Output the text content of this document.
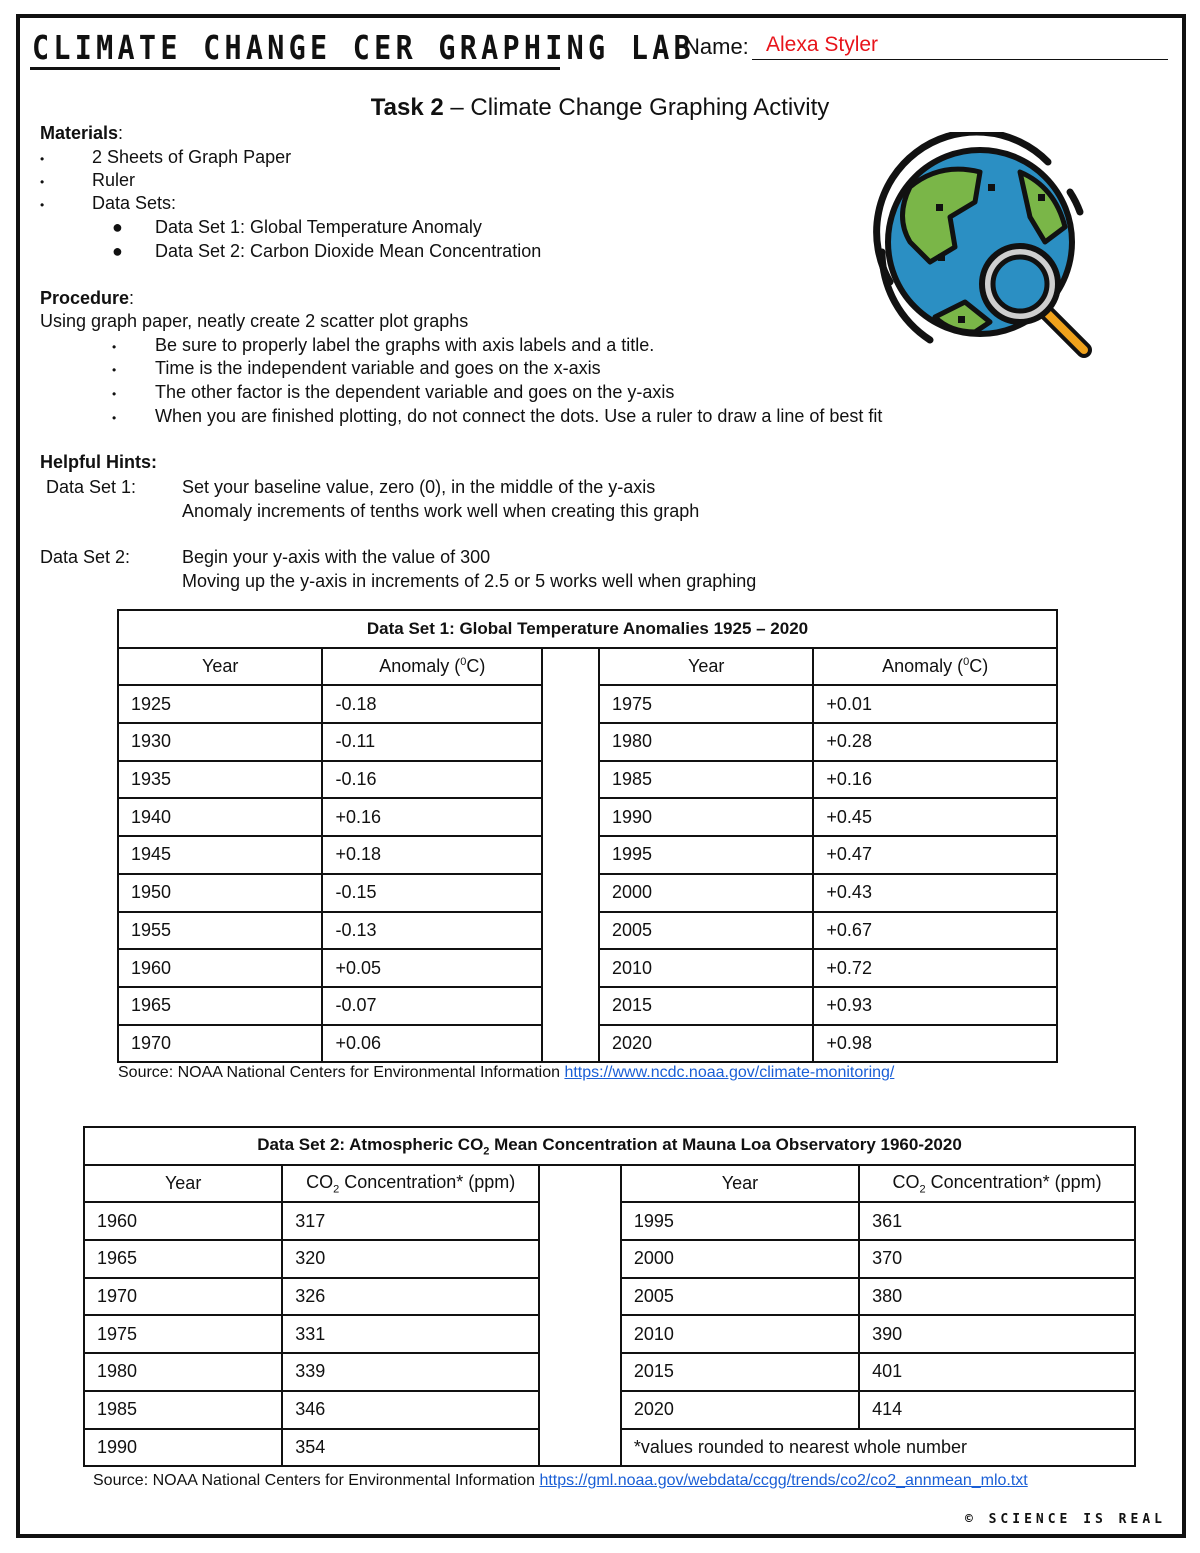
CLIMATE CHANGE CER GRAPHING LAB
Name: Alexa Styler
Task 2 – Climate Change Graphing Activity
Materials:
•	2 Sheets of Graph Paper
•	Ruler
•	Data Sets:
● Data Set 1: Global Temperature Anomaly
● Data Set 2: Carbon Dioxide Mean Concentration
Procedure:
Using graph paper, neatly create 2 scatter plot graphs
• Be sure to properly label the graphs with axis labels and a title.
• Time is the independent variable and goes on the x-axis
• The other factor is the dependent variable and goes on the y-axis
• When you are finished plotting, do not connect the dots. Use a ruler to draw a line of best fit
Helpful Hints:
Data Set 1:	Set your baseline value, zero (0), in the middle of the y-axis
Anomaly increments of tenths work well when creating this graph
Data Set 2:	Begin your y-axis with the value of 300
Moving up the y-axis in increments of 2.5 or 5 works well when graphing
Data Set 1: Global Temperature Anomalies 1925 – 2020				
Year	Anomaly ($^0$C)		Year	Anomaly ($^0$C)
1925	-0.18		1975	+0.01
1930	-0.11		1980	+0.28
1935	-0.16		1985	+0.16
1940	+0.16		1990	+0.45
1945	+0.18		1995	+0.47
1950	-0.15		2000	+0.43
1955	-0.13		2005	+0.67
1960	+0.05		2010	+0.72
1965	-0.07		2015	+0.93
1970	+0.06		2020	+0.98
Source: NOAA National Centers for Environmental Information https://www.ncdc.noaa.gov/climate-monitoring/
Data Set 2: Atmospheric $CO_2$ Mean Concentration at Mauna Loa Observatory 1960-2020				
Year	$CO_2$ Concentration* (ppm)		Year	$CO_2$ Concentration* (ppm)
1960	317		1995	361
1965	320		2000	370
1970	326		2005	380
1975	331		2010	390
1980	339		2015	401
1985	346		2020	414
1990	354		*values rounded to nearest whole number	
Source: NOAA National Centers for Environmental Information https://gml.noaa.gov/webdata/ccgg/trends/co2/co2_annmean_mlo.txt
© SCIENCE IS REAL
